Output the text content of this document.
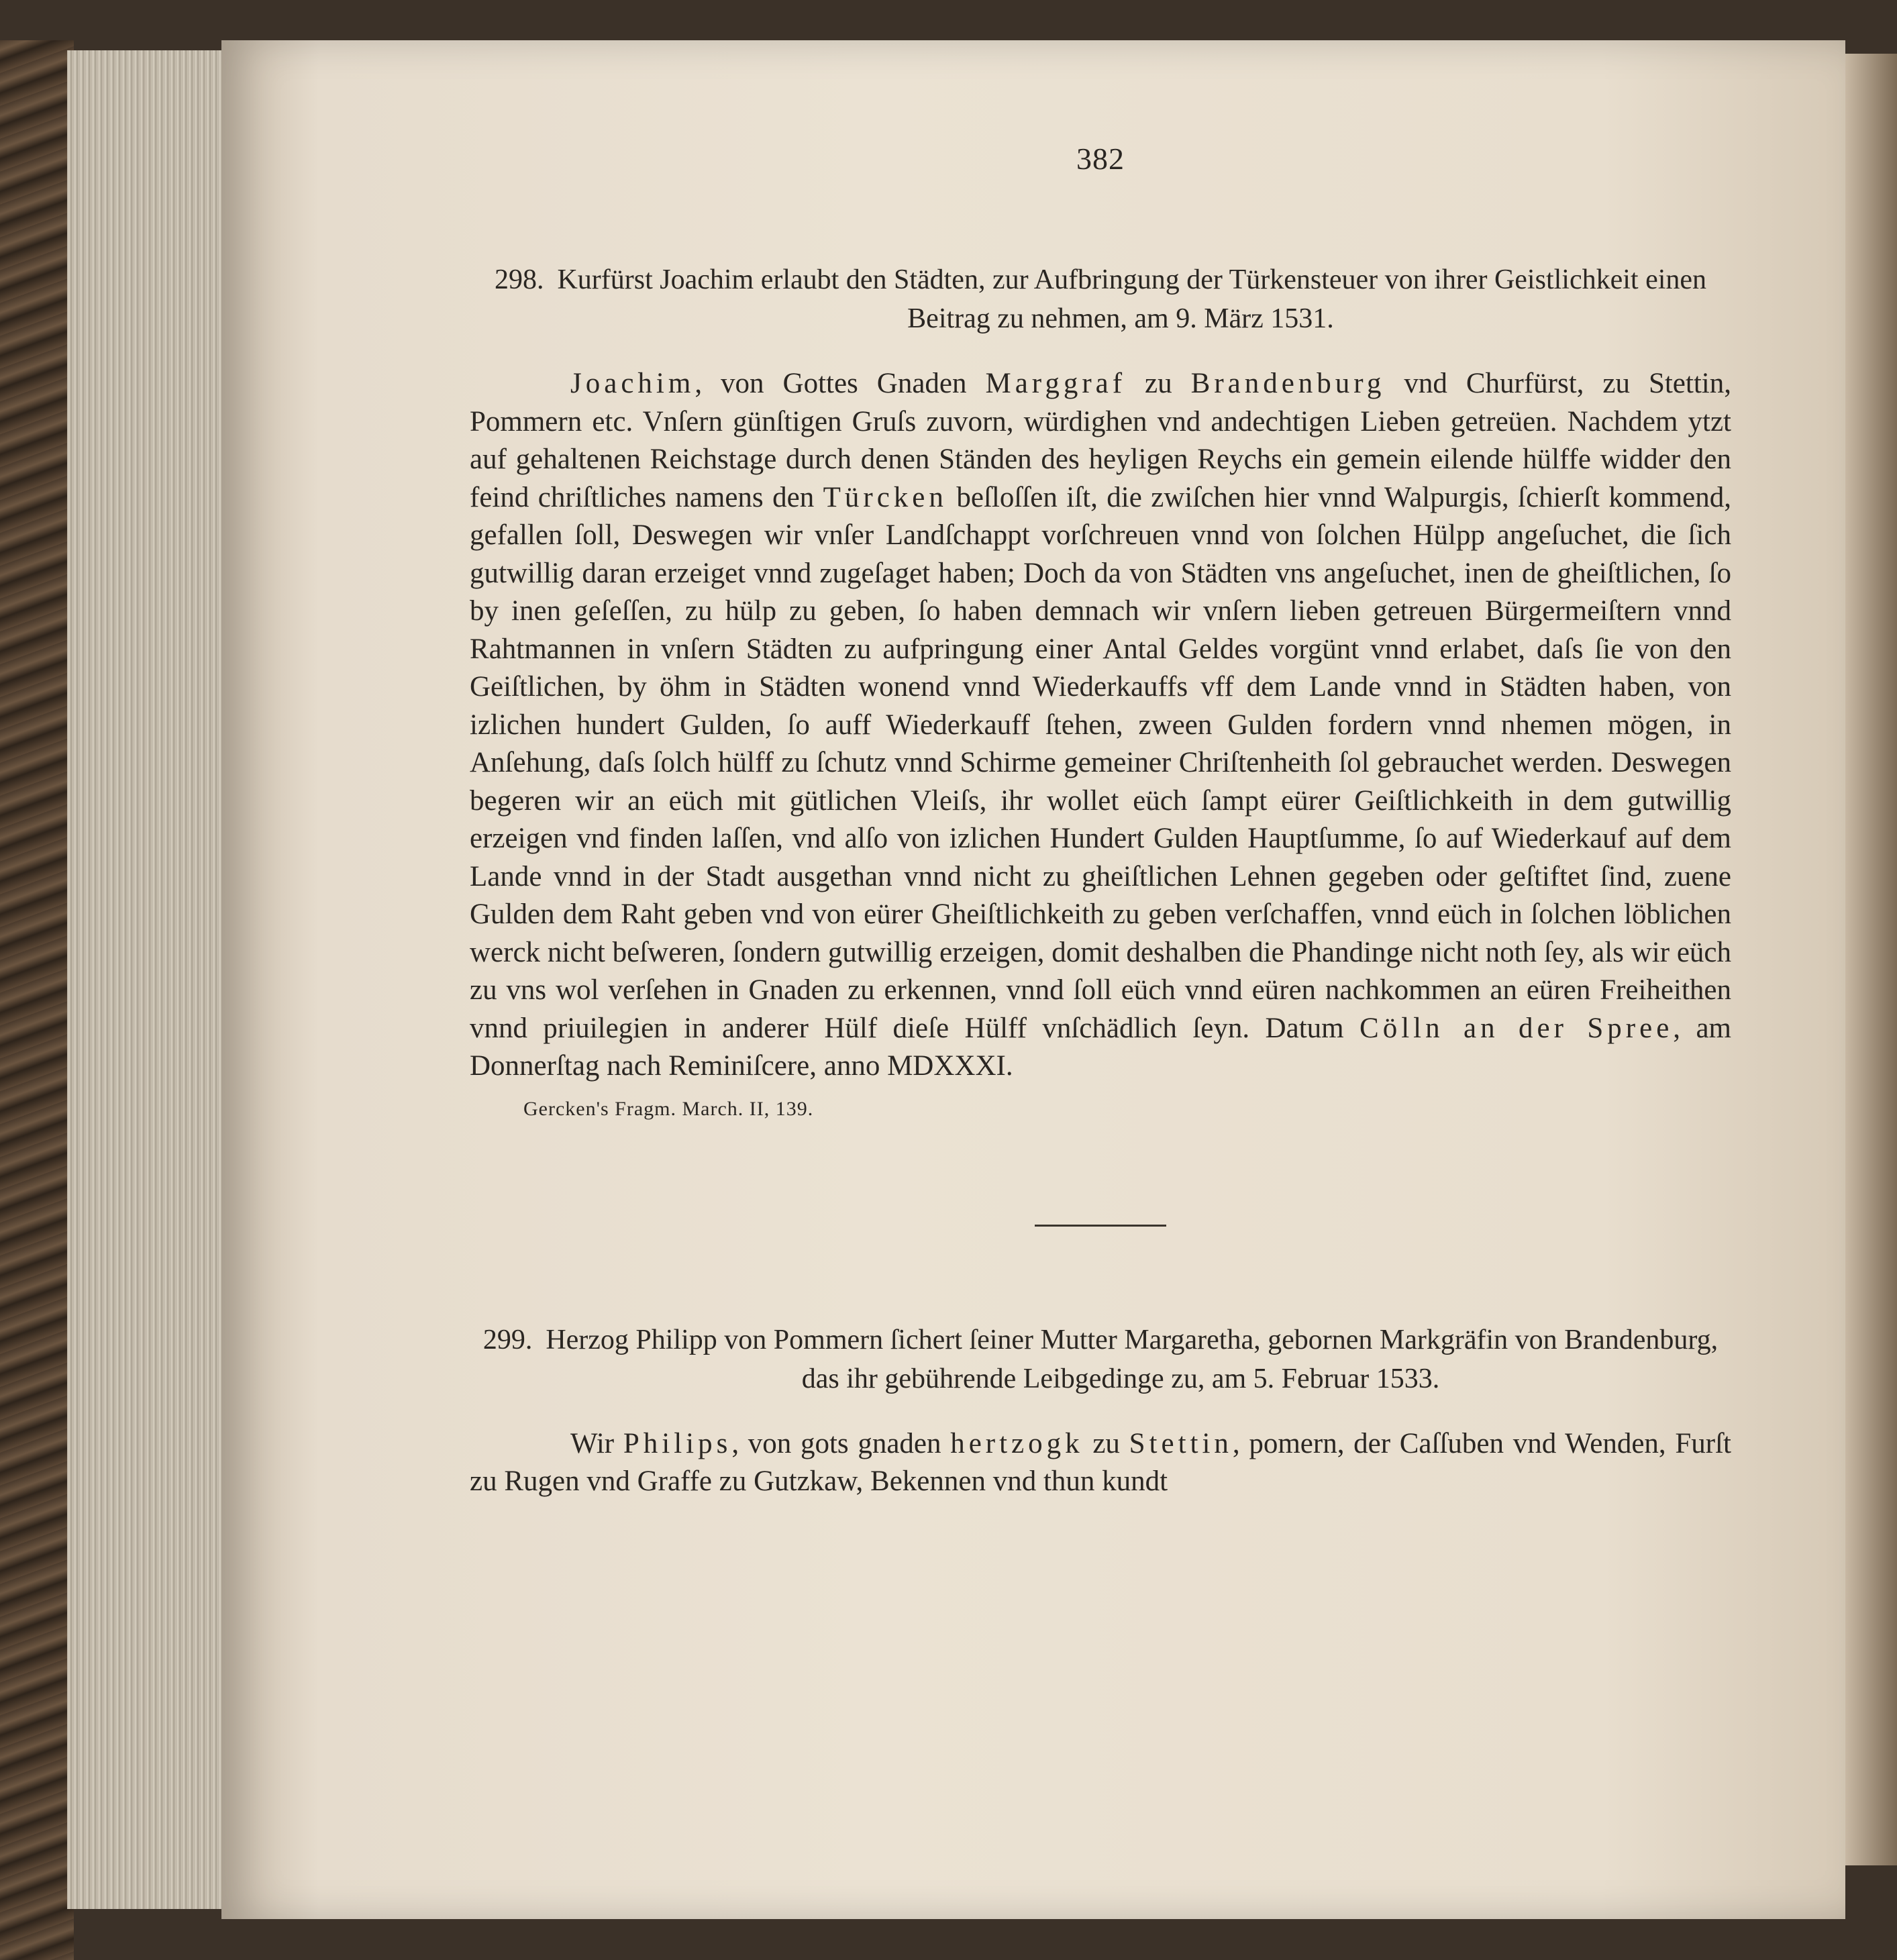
382

298. Kurfürst Joachim erlaubt den Städten, zur Aufbringung der Türkensteuer von ihrer Geistlichkeit einen Beitrag zu nehmen, am 9. März 1531.

Joachim, von Gottes Gnaden Marggraf zu Brandenburg vnd Churfürst, zu Stettin, Pommern etc. Vnſern günſtigen Gruſs zuvorn, würdighen vnd andechtigen Lieben getreüen. Nachdem ytzt auf gehaltenen Reichstage durch denen Ständen des heyligen Reychs ein gemein eilende hülffe widder den feind chriſtliches namens den Türcken beſloſſen iſt, die zwiſchen hier vnnd Walpurgis, ſchierſt kommend, gefallen ſoll, Deswegen wir vnſer Landſchappt vorſchreuen vnnd von ſolchen Hülpp angeſuchet, die ſich gutwillig daran erzeiget vnnd zugeſaget haben; Doch da von Städten vns angeſuchet, inen de gheiſtlichen, ſo by inen geſeſſen, zu hülp zu geben, ſo haben demnach wir vnſern lieben getreuen Bürgermeiſtern vnnd Rahtmannen in vnſern Städten zu aufpringung einer Antal Geldes vorgünt vnnd erlabet, daſs ſie von den Geiſtlichen, by öhm in Städten wonend vnnd Wiederkauffs vff dem Lande vnnd in Städten haben, von izlichen hundert Gulden, ſo auff Wiederkauff ſtehen, zween Gulden fordern vnnd nhemen mögen, in Anſehung, daſs ſolch hülff zu ſchutz vnnd Schirme gemeiner Chriſtenheith ſol gebrauchet werden. Deswegen begeren wir an eüch mit gütlichen Vleiſs, ihr wollet eüch ſampt eürer Geiſtlichkeith in dem gutwillig erzeigen vnd finden laſſen, vnd alſo von izlichen Hundert Gulden Hauptſumme, ſo auf Wiederkauf auf dem Lande vnnd in der Stadt ausgethan vnnd nicht zu gheiſtlichen Lehnen gegeben oder geſtiftet ſind, zuene Gulden dem Raht geben vnd von eürer Gheiſtlichkeith zu geben verſchaffen, vnnd eüch in ſolchen löblichen werck nicht beſweren, ſondern gutwillig erzeigen, domit deshalben die Phandinge nicht noth ſey, als wir eüch zu vns wol verſehen in Gnaden zu erkennen, vnnd ſoll eüch vnnd eüren nachkommen an eüren Freiheithen vnnd priuilegien in anderer Hülf dieſe Hülff vnſchädlich ſeyn. Datum Cölln an der Spree, am Donnerſtag nach Reminiſcere, anno MDXXXI.

Gercken's Fragm. March. II, 139.

299. Herzog Philipp von Pommern ſichert ſeiner Mutter Margaretha, gebornen Markgräfin von Brandenburg, das ihr gebührende Leibgedinge zu, am 5. Februar 1533.

Wir Philips, von gots gnaden hertzogk zu Stettin, pomern, der Caſſuben vnd Wenden, Furſt zu Rugen vnd Graffe zu Gutzkaw, Bekennen vnd thun kundt
